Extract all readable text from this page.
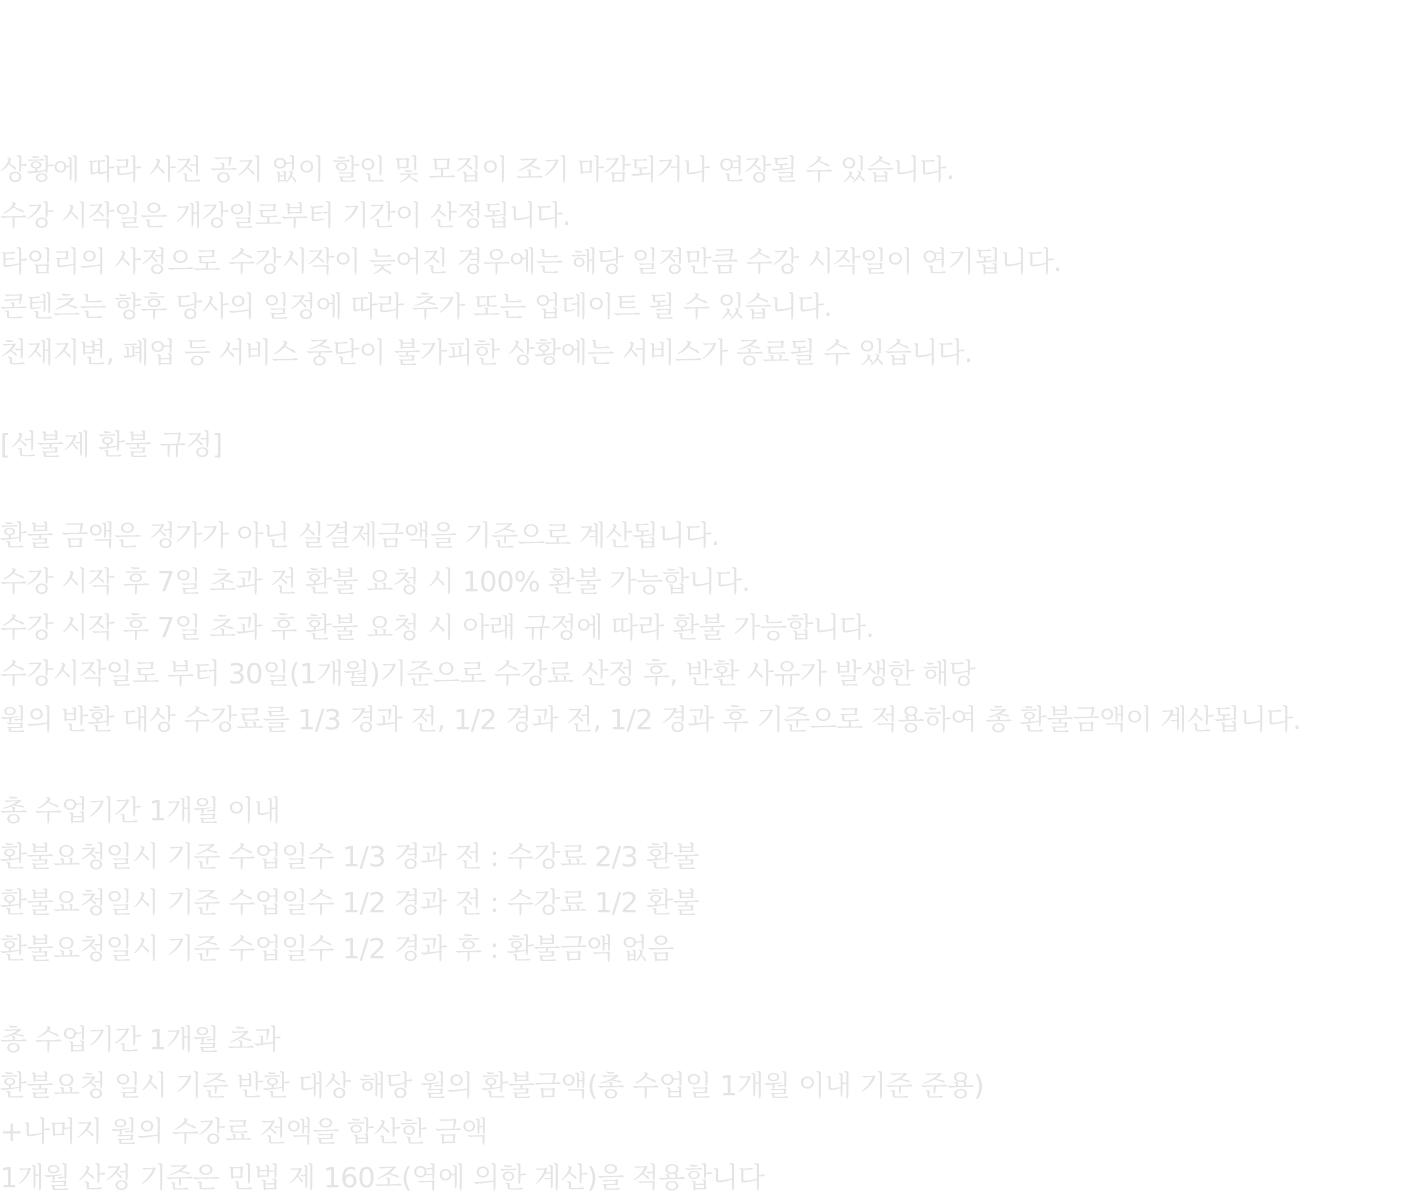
상황에 따라 사전 공지 없이 할인 및 모집이 조기 마감되거나 연장될 수 있습니다.
수강 시작일은 개강일로부터 기간이 산정됩니다.
타임리의 사정으로 수강시작이 늦어진 경우에는 해당 일정만큼 수강 시작일이 연기됩니다.
콘텐츠는 향후 당사의 일정에 따라 추가 또는 업데이트 될 수 있습니다.
천재지변, 폐업 등 서비스 중단이 불가피한 상황에는 서비스가 종료될 수 있습니다.
[선불제 환불 규정]
환불 금액은 정가가 아닌 실결제금액을 기준으로 계산됩니다.
수강 시작 후 7일 초과 전 환불 요청 시 100% 환불 가능합니다.
수강 시작 후 7일 초과 후 환불 요청 시 아래 규정에 따라 환불 가능합니다.
수강시작일로 부터 30일(1개월)기준으로 수강료 산정 후, 반환 사유가 발생한 해당
월의 반환 대상 수강료를 1/3 경과 전, 1/2 경과 전, 1/2 경과 후 기준으로 적용하여 총 환불금액이 계산됩니다.
총 수업기간 1개월 이내
환불요청일시 기준 수업일수 1/3 경과 전 : 수강료 2/3 환불
환불요청일시 기준 수업일수 1/2 경과 전 : 수강료 1/2 환불
환불요청일시 기준 수업일수 1/2 경과 후 : 환불금액 없음
총 수업기간 1개월 초과
환불요청 일시 기준 반환 대상 해당 월의 환불금액(총 수업일 1개월 이내 기준 준용)
+나머지 월의 수강료 전액을 합산한 금액
1개월 산정 기준은 민법 제 160조(역에 의한 계산)을 적용합니다
